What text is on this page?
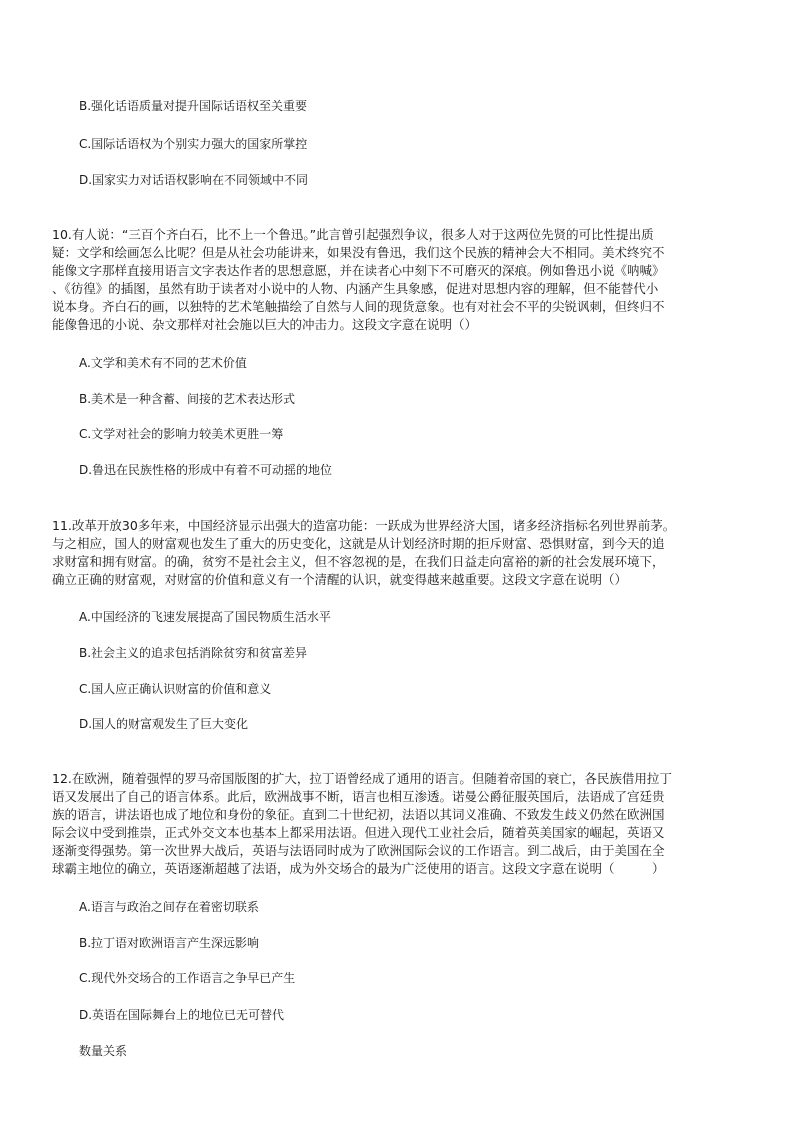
B.强化话语质量对提升国际话语权至关重要
C.国际话语权为个别实力强大的国家所掌控
D.国家实力对话语权影响在不同领域中不同
10.有人说：“三百个齐白石，比不上一个鲁迅。”此言曾引起强烈争议，很多人对于这两位先贤的可比性提出质
疑：文学和绘画怎么比呢？但是从社会功能讲来，如果没有鲁迅，我们这个民族的精神会大不相同。美术终究不
能像文字那样直接用语言文字表达作者的思想意愿，并在读者心中刻下不可磨灭的深痕。例如鲁迅小说《呐喊》
、《彷徨》的插图，虽然有助于读者对小说中的人物、内涵产生具象感，促进对思想内容的理解，但不能替代小
说本身。齐白石的画，以独特的艺术笔触描绘了自然与人间的现货意象。也有对社会不平的尖锐讽刺，但终归不
能像鲁迅的小说、杂文那样对社会施以巨大的冲击力。这段文字意在说明（）
A.文学和美术有不同的艺术价值
B.美术是一种含蓄、间接的艺术表达形式
C.文学对社会的影响力较美术更胜一筹
D.鲁迅在民族性格的形成中有着不可动摇的地位
11.改革开放30多年来，中国经济显示出强大的造富功能：一跃成为世界经济大国，诸多经济指标名列世界前茅。
与之相应，国人的财富观也发生了重大的历史变化，这就是从计划经济时期的拒斥财富、恐惧财富，到今天的追
求财富和拥有财富。的确，贫穷不是社会主义，但不容忽视的是，在我们日益走向富裕的新的社会发展环境下，
确立正确的财富观，对财富的价值和意义有一个清醒的认识，就变得越来越重要。这段文字意在说明（）
A.中国经济的飞速发展提高了国民物质生活水平
B.社会主义的追求包括消除贫穷和贫富差异
C.国人应正确认识财富的价值和意义
D.国人的财富观发生了巨大变化
12.在欧洲，随着强悍的罗马帝国版图的扩大，拉丁语曾经成了通用的语言。但随着帝国的衰亡，各民族借用拉丁
语又发展出了自己的语言体系。此后，欧洲战事不断，语言也相互渗透。诺曼公爵征服英国后，法语成了宫廷贵
族的语言，讲法语也成了地位和身份的象征。直到二十世纪初，法语以其词义准确、不致发生歧义仍然在欧洲国
际会议中受到推崇，正式外交文本也基本上都采用法语。但进入现代工业社会后，随着英美国家的崛起，英语又
逐渐变得强势。第一次世界大战后，英语与法语同时成为了欧洲国际会议的工作语言。到二战后，由于美国在全
球霸主地位的确立，英语逐渐超越了法语，成为外交场合的最为广泛使用的语言。这段文字意在说明（　　　）
A.语言与政治之间存在着密切联系
B.拉丁语对欧洲语言产生深远影响
C.现代外交场合的工作语言之争早已产生
D.英语在国际舞台上的地位已无可替代
数量关系
